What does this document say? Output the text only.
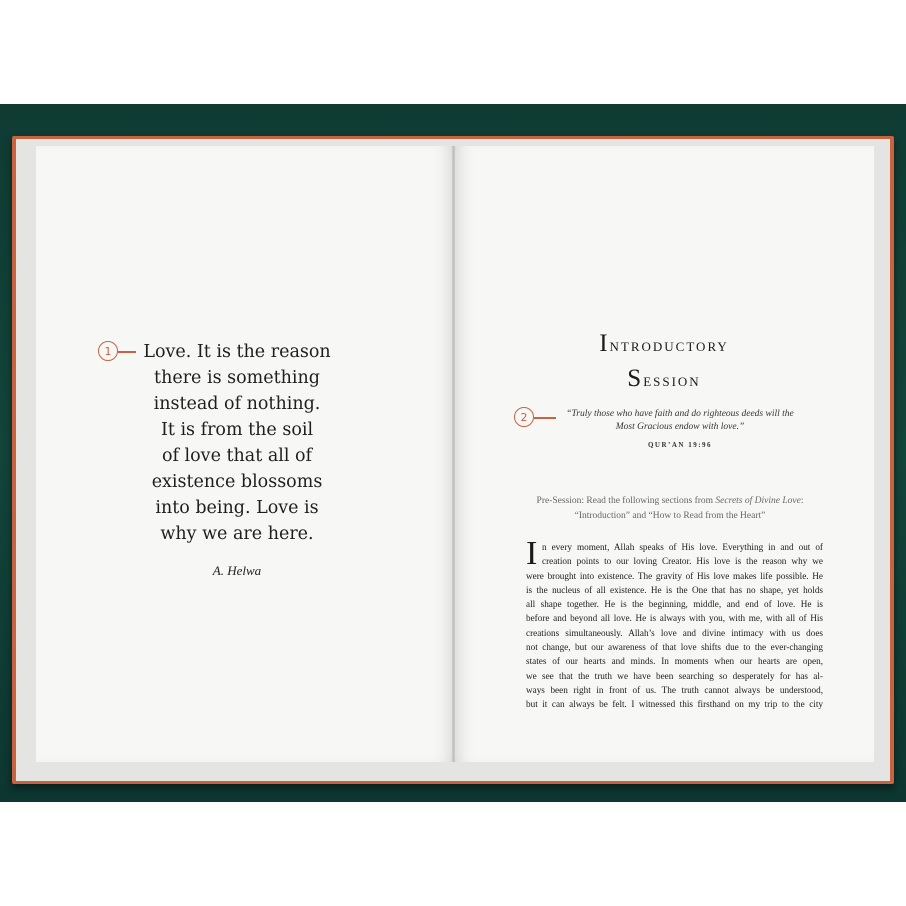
1	Love. It is the reason
there is something
instead of nothing.
It is from the soil
of love that all of
existence blossoms
into being. Love is
why we are here.
A. Helwa
Introductory
Session
2	“Truly those who have faith and do righteous deeds will the
Most Gracious endow with love.”
QUR’AN 19:96
Pre-Session: Read the following sections from Secrets of Divine Love:
“Introduction” and “How to Read from the Heart”
I n every moment, Allah speaks of His love. Everything in and out of
creation points to our loving Creator. His love is the reason why we
were brought into existence. The gravity of His love makes life possible. He
is the nucleus of all existence. He is the One that has no shape, yet holds
all shape together. He is the beginning, middle, and end of love. He is
before and beyond all love. He is always with you, with me, with all of His
creations simultaneously. Allah’s love and divine intimacy with us does
not change, but our awareness of that love shifts due to the ever-changing
states of our hearts and minds. In moments when our hearts are open,
we see that the truth we have been searching so desperately for has al-
ways been right in front of us. The truth cannot always be understood,
but it can always be felt. I witnessed this firsthand on my trip to the city
